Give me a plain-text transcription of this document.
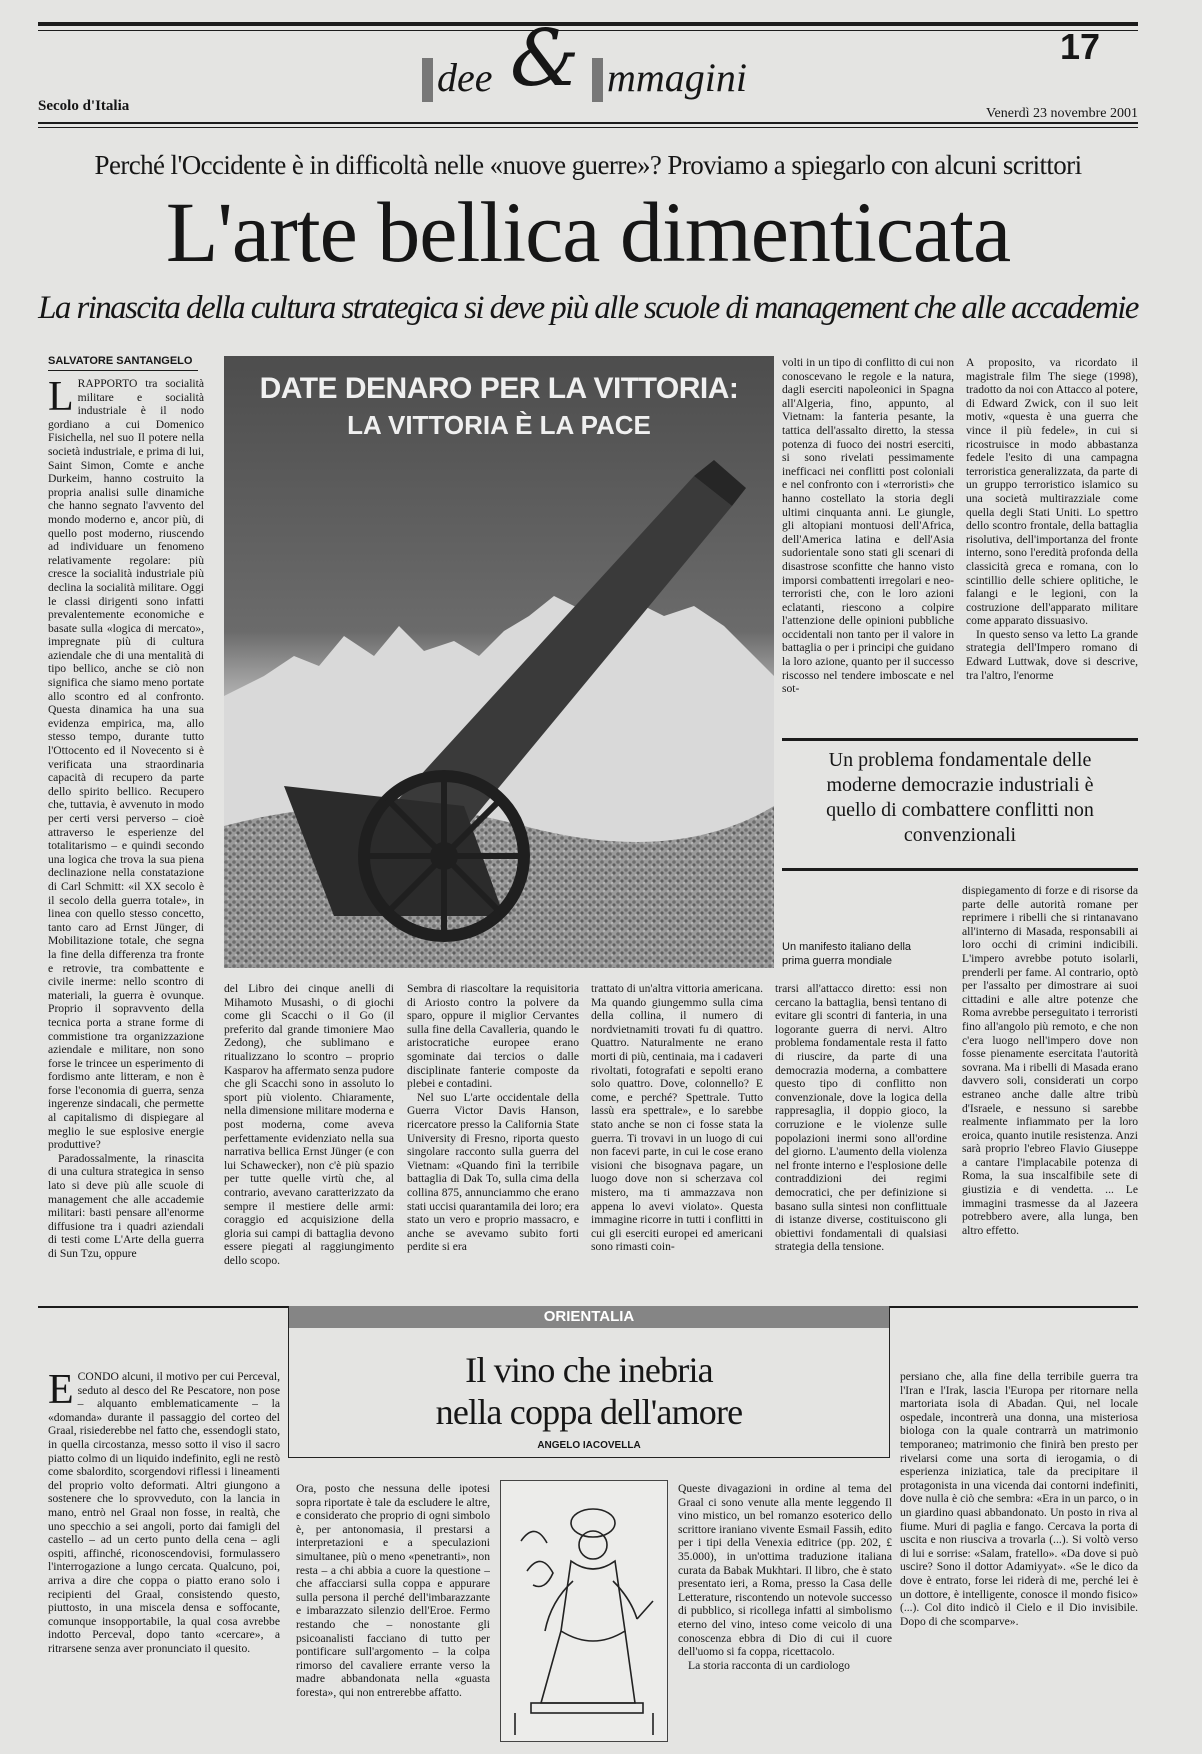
dee & mmagini
17
Secolo d'Italia	Venerdì 23 novembre 2001
Perché l'Occidente è in difficoltà nelle «nuove guerre»? Proviamo a spiegarlo con alcuni scrittori
L'arte bellica dimenticata
La rinascita della cultura strategica si deve più alle scuole di management che alle accademie
SALVATORE SANTANGELO

LRAPPORTO tra socialità militare e socialità industriale è il nodo gordiano a cui Domenico Fisichella, nel suo Il potere nella società industriale, e prima di lui, Saint Simon, Comte e anche Durkeim, hanno costruito la propria analisi sulle dinamiche che hanno segnato l'avvento del mondo moderno e, ancor più, di quello post moderno, riuscendo ad individuare un fenomeno relativamente regolare: più cresce la socialità industriale più declina la socialità militare. Oggi le classi dirigenti sono infatti prevalentemente economiche e basate sulla «logica di mercato», impregnate più di cultura aziendale che di una mentalità di tipo bellico, anche se ciò non significa che siamo meno portate allo scontro ed al confronto. Questa dinamica ha una sua evidenza empirica, ma, allo stesso tempo, durante tutto l'Ottocento ed il Novecento si è verificata una straordinaria capacità di recupero da parte dello spirito bellico. Recupero che, tuttavia, è avvenuto in modo per certi versi perverso – cioè attraverso le esperienze del totalitarismo – e quindi secondo una logica che trova la sua piena declinazione nella constatazione di Carl Schmitt: «il XX secolo è il secolo della guerra totale», in linea con quello stesso concetto, tanto caro ad Ernst Jünger, di Mobilitazione totale, che segna la fine della differenza tra fronte e retrovie, tra combattente e civile inerme: nello scontro di materiali, la guerra è ovunque. Proprio il sopravvento della tecnica porta a strane forme di commistione tra organizzazione aziendale e militare, non sono forse le trincee un esperimento di fordismo ante litteram, e non è forse l'economia di guerra, senza ingerenze sindacali, che permette al capitalismo di dispiegare al meglio le sue esplosive energie produttive?

Paradossalmente, la rinascita di una cultura strategica in senso lato si deve più alle scuole di management che alle accademie militari: basti pensare all'enorme diffusione tra i quadri aziendali di testi come L'Arte della guerra di Sun Tzu, oppure

DATE DENARO PER LA VITTORIA:
LA VITTORIA È LA PACE
Un manifesto italiano della prima guerra mondiale
Un problema fondamentale delle moderne democrazie industriali è quello di combattere conflitti non convenzionali

del Libro dei cinque anelli di Mihamoto Musashi, o di giochi come gli Scacchi o il Go (il preferito dal grande timoniere Mao Zedong), che sublimano e ritualizzano lo scontro – proprio Kasparov ha affermato senza pudore che gli Scacchi sono in assoluto lo sport più violento. Chiaramente, nella dimensione militare moderna e post moderna, come aveva perfettamente evidenziato nella sua narrativa bellica Ernst Jünger (e con lui Schawecker), non c'è più spazio per tutte quelle virtù che, al contrario, avevano caratterizzato da sempre il mestiere delle armi: coraggio ed acquisizione della gloria sui campi di battaglia devono essere piegati al raggiungimento dello scopo.

Sembra di riascoltare la requisitoria di Ariosto contro la polvere da sparo, oppure il miglior Cervantes sulla fine della Cavalleria, quando le aristocratiche europee erano sgominate dai tercios o dalle disciplinate fanterie composte da plebei e contadini.

Nel suo L'arte occidentale della Guerra Victor Davis Hanson, ricercatore presso la California State University di Fresno, riporta questo singolare racconto sulla guerra del Vietnam: «Quando finì la terribile battaglia di Dak To, sulla cima della collina 875, annunciammo che erano stati uccisi quarantamila dei loro; era stato un vero e proprio massacro, e anche se avevamo subito forti perdite si era

trattato di un'altra vittoria americana. Ma quando giungemmo sulla cima della collina, il numero di nordvietnamiti trovati fu di quattro. Quattro. Naturalmente ne erano morti di più, centinaia, ma i cadaveri rivoltati, fotografati e sepolti erano solo quattro. Dove, colonnello? E come, e perché? Spettrale. Tutto lassù era spettrale», e lo sarebbe stato anche se non ci fosse stata la guerra. Ti trovavi in un luogo di cui non facevi parte, in cui le cose erano visioni che bisognava pagare, un luogo dove non si scherzava col mistero, ma ti ammazzava non appena lo avevi violato». Questa immagine ricorre in tutti i conflitti in cui gli eserciti europei ed americani sono rimasti coin-

volti in un tipo di conflitto di cui non conoscevano le regole e la natura, dagli eserciti napoleonici in Spagna all'Algeria, fino, appunto, al Vietnam: la fanteria pesante, la tattica dell'assalto diretto, la stessa potenza di fuoco dei nostri eserciti, si sono rivelati pessimamente inefficaci nei conflitti post coloniali e nel confronto con i «terroristi» che hanno costellato la storia degli ultimi cinquanta anni. Le giungle, gli altopiani montuosi dell'Africa, dell'America latina e dell'Asia sudorientale sono stati gli scenari di disastrose sconfitte che hanno visto imporsi combattenti irregolari e neo-terroristi che, con le loro azioni eclatanti, riescono a colpire l'attenzione delle opinioni pubbliche occidentali non tanto per il valore in battaglia o per i principi che guidano la loro azione, quanto per il successo riscosso nel tendere imboscate e nel sot-

trarsi all'attacco diretto: essi non cercano la battaglia, bensì tentano di evitare gli scontri di fanteria, in una logorante guerra di nervi. Altro problema fondamentale resta il fatto di riuscire, da parte di una democrazia moderna, a combattere questo tipo di conflitto non convenzionale, dove la logica della rappresaglia, il doppio gioco, la corruzione e le violenze sulle popolazioni inermi sono all'ordine del giorno. L'aumento della violenza nel fronte interno e l'esplosione delle contraddizioni dei regimi democratici, che per definizione si basano sulla sintesi non conflittuale di istanze diverse, costituiscono gli obiettivi fondamentali di qualsiasi strategia della tensione.

A proposito, va ricordato il magistrale film The siege (1998), tradotto da noi con Attacco al potere, di Edward Zwick, con il suo leit motiv, «questa è una guerra che vince il più fedele», in cui si ricostruisce in modo abbastanza fedele l'esito di una campagna terroristica generalizzata, da parte di un gruppo terroristico islamico su una società multirazziale come quella degli Stati Uniti. Lo spettro dello scontro frontale, della battaglia risolutiva, dell'importanza del fronte interno, sono l'eredità profonda della classicità greca e romana, con lo scintillio delle schiere oplitiche, le falangi e le legioni, con la costruzione dell'apparato militare come apparato dissuasivo.

In questo senso va letto La grande strategia dell'Impero romano di Edward Luttwak, dove si descrive, tra l'altro, l'enorme

dispiegamento di forze e di risorse da parte delle autorità romane per reprimere i ribelli che si rintanavano all'interno di Masada, responsabili ai loro occhi di crimini indicibili. L'impero avrebbe potuto isolarli, prenderli per fame. Al contrario, optò per l'assalto per dimostrare ai suoi cittadini e alle altre potenze che Roma avrebbe perseguitato i terroristi fino all'angolo più remoto, e che non c'era luogo nell'impero dove non fosse pienamente esercitata l'autorità sovrana. Ma i ribelli di Masada erano davvero soli, considerati un corpo estraneo anche dalle altre tribù d'Israele, e nessuno si sarebbe realmente infiammato per la loro eroica, quanto inutile resistenza. Anzi sarà proprio l'ebreo Flavio Giuseppe a cantare l'implacabile potenza di Roma, la sua inscalfibile sete di giustizia e di vendetta. ... Le immagini trasmesse da al Jazeera potrebbero avere, alla lunga, ben altro effetto.

ORIENTALIA
Il vino che inebria
nella coppa dell'amore
ANGELO IACOVELLA

ECONDO alcuni, il motivo per cui Perceval, seduto al desco del Re Pescatore, non pose – alquanto emblematicamente – la «domanda» durante il passaggio del corteo del Graal, risiederebbe nel fatto che, essendogli stato, in quella circostanza, messo sotto il viso il sacro piatto colmo di un liquido indefinito, egli ne restò come sbalordito, scorgendovi riflessi i lineamenti del proprio volto deformati. Altri giungono a sostenere che lo sprovveduto, con la lancia in mano, entrò nel Graal non fosse, in realtà, che uno specchio a sei angoli, porto dai famigli del castello – ad un certo punto della cena – agli ospiti, affinché, riconoscendovisi, formulassero l'interrogazione a lungo cercata. Qualcuno, poi, arriva a dire che coppa o piatto erano solo i recipienti del Graal, consistendo questo, piuttosto, in una miscela densa e soffocante, comunque insopportabile, la qual cosa avrebbe indotto Perceval, dopo tanto «cercare», a ritrarsene senza aver pronunciato il quesito.

Ora, posto che nessuna delle ipotesi sopra riportate è tale da escludere le altre, e considerato che proprio di ogni simbolo è, per antonomasia, il prestarsi a interpretazioni e a speculazioni simultanee, più o meno «penetranti», non resta – a chi abbia a cuore la questione – che affacciarsi sulla coppa e appurare sulla persona il perché dell'imbarazzante e imbarazzato silenzio dell'Eroe. Fermo restando che – nonostante gli psicoanalisti facciano di tutto per pontificare sull'argomento – la colpa rimorso del cavaliere errante verso la madre abbandonata nella «guasta foresta», qui non entrerebbe affatto.

Queste divagazioni in ordine al tema del Graal ci sono venute alla mente leggendo Il vino mistico, un bel romanzo esoterico dello scrittore iraniano vivente Esmail Fassih, edito per i tipi della Venexia editrice (pp. 202, £ 35.000), in un'ottima traduzione italiana curata da Babak Mukhtari. Il libro, che è stato presentato ieri, a Roma, presso la Casa delle Letterature, riscontendo un notevole successo di pubblico, si ricollega infatti al simbolismo eterno del vino, inteso come veicolo di una conoscenza ebbra di Dio di cui il cuore dell'uomo si fa coppa, ricettacolo.

La storia racconta di un cardiologo

persiano che, alla fine della terribile guerra tra l'Iran e l'Irak, lascia l'Europa per ritornare nella martoriata isola di Abadan. Qui, nel locale ospedale, incontrerà una donna, una misteriosa biologa con la quale contrarrà un matrimonio temporaneo; matrimonio che finirà ben presto per rivelarsi come una sorta di ierogamia, o di esperienza iniziatica, tale da precipitare il protagonista in una vicenda dai contorni indefiniti, dove nulla è ciò che sembra: «Era in un parco, o in un giardino quasi abbandonato. Un posto in riva al fiume. Muri di paglia e fango. Cercava la porta di uscita e non riusciva a trovarla (...). Si voltò verso di lui e sorrise: «Salam, fratello». «Da dove si può uscire? Sono il dottor Adamiyyat». «Se le dico da dove è entrato, forse lei riderà di me, perché lei è un dottore, è intelligente, conosce il mondo fisico» (...). Col dito indicò il Cielo e il Dio invisibile. Dopo di che scomparve».
